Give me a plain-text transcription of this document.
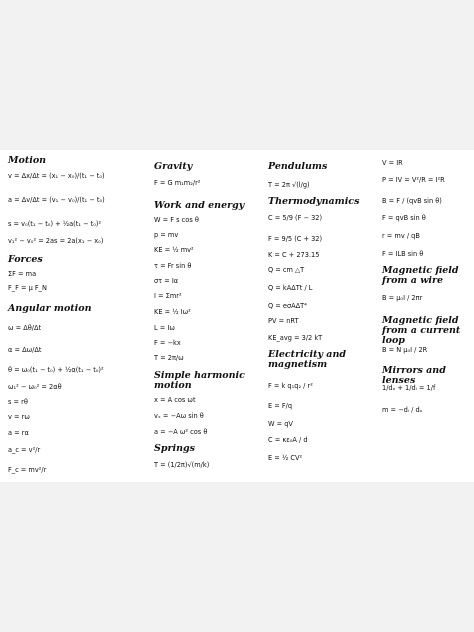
Motion
v = Δx/Δt = (x₁ − x₀)/(t₁ − t₀)
a = Δv/Δt = (v₁ − v₀)/(t₁ − t₀)
s = v₀(t₁ − t₀) + ½a(t₁ − t₀)²
v₁² − v₀² = 2as = 2a(x₁ − x₀)
Forces
ΣF = ma
F_F = μ F_N
Angular motion
ω = Δθ/Δt
α = Δω/Δt
θ = ω₀(t₁ − t₀) + ½α(t₁ − t₀)²
ω₁² − ω₀² = 2αθ
s = rθ
v = rω
a = rα
a_c = v²/r
F_c = mv²/r
Gravity
F = G m₁m₂/r²
Work and energy
W = F s cos θ
p = mv
KE = ½ mv²
τ = Fr sin θ
στ = Iα
I = Σmr²
KE = ½ Iω²
L = Iω
F = −kx
T = 2π/ω
Simple harmonic motion
x = A cos ωt
vₓ = −Aω sin θ
a = −A ω² cos θ
Springs
T = (1/2π)√(m/k)
Pendulums
T = 2π √(l/g)
Thermodynamics
C = 5/9 (F − 32)
F = 9/5 (C + 32)
K = C + 273.15
Q = cm △T
Q = kAΔTt / L
Q = eσAΔT⁴
PV = nRT
KE_avg = 3/2 kT
Electricity and magnetism
F = k q₁q₂ / r²
E = F/q
W = qV
C = κε₀A / d
E = ½ CV²
V = IR
P = IV = V²/R = I²R
B = F / (qvB sin θ)
F = qvB sin θ
r = mv / qB
F = ILB sin θ
Magnetic field from a wire
B = μ₀I / 2πr
Magnetic field from a current loop
B = N μ₀I / 2R
Mirrors and lenses
1/dₒ + 1/dᵢ = 1/f
m = −dᵢ / dₒ
